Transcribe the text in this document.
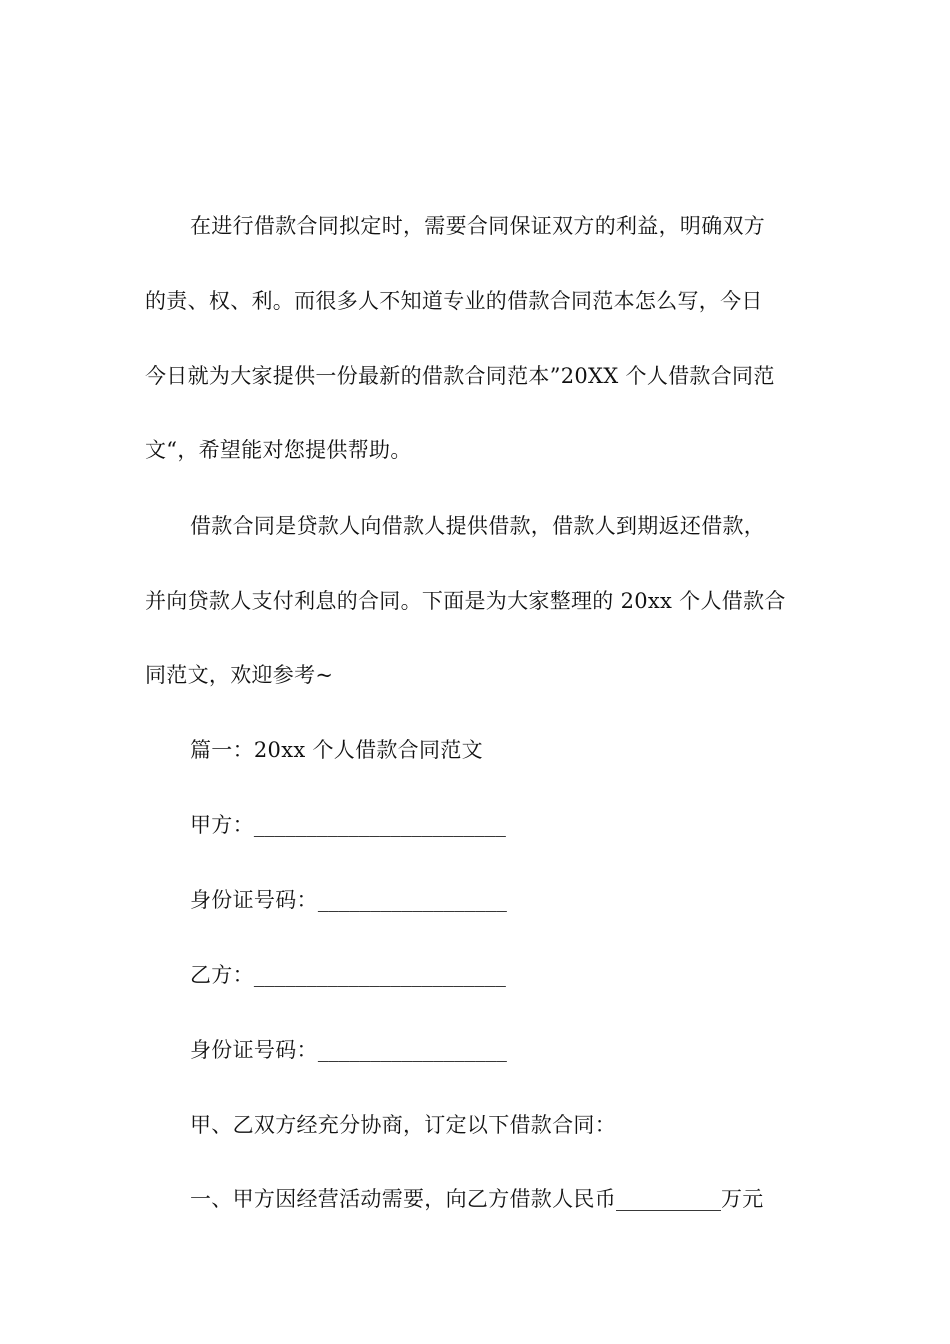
在进行借款合同拟定时，需要合同保证双方的利益，明确双方
的责、权、利。而很多人不知道专业的借款合同范本怎么写，今日
今日就为大家提供一份最新的借款合同范本”20XX 个人借款合同范
文“，希望能对您提供帮助。
借款合同是贷款人向借款人提供借款，借款人到期返还借款，
并向贷款人支付利息的合同。下面是为大家整理的 20xx 个人借款合
同范文，欢迎参考~
篇一：20xx 个人借款合同范文
甲方：________________________
身份证号码：__________________
乙方：________________________
身份证号码：__________________
甲、乙双方经充分协商，订定以下借款合同：
一、甲方因经营活动需要，向乙方借款人民币__________万元
